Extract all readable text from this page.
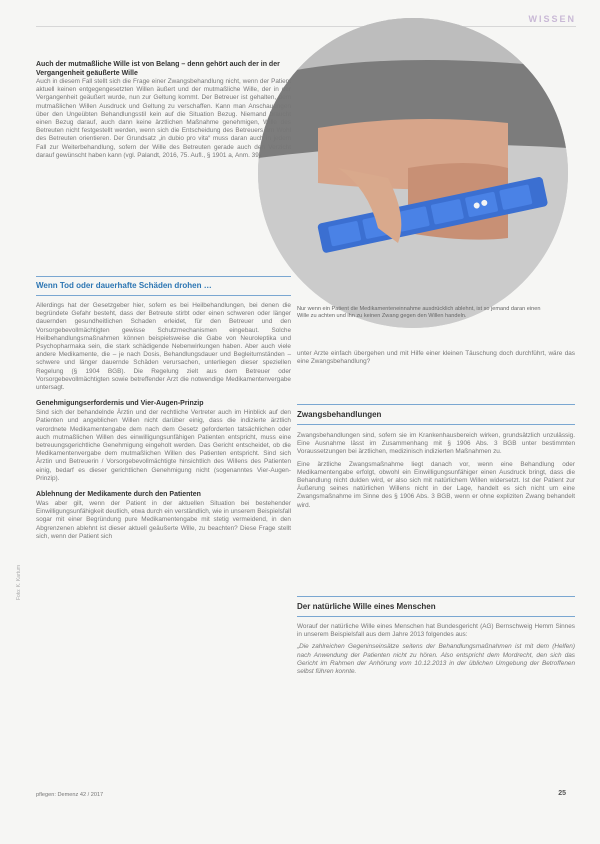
WISSEN

Auch der mutmaßliche Wille ist von Belang – denn gehört auch der in der Vergangenheit geäußerte Wille

Auch in diesem Fall stellt sich die Frage einer Zwangsbehandlung nicht, wenn der Patient aktuell keinen entgegengesetzten Willen äußert und der mutmaßliche Wille, der in der Vergangenheit geäußert wurde, nun zur Geltung kommt. Der Betreuer ist gehalten, dem mutmaßlichen Willen Ausdruck und Geltung zu verschaffen. Kann man Anschauungen über den Ungeübten Behandlungsstil kein auf die Situation Bezug. Niemand braucht einen Bezug darauf, auch dann keine ärztlichen Maßnahme genehmigen, Wille des Betreuten nicht festgestellt werden, wenn sich die Entscheidung des Betreuers am Wohl des Betreuten orientieren. Der Grundsatz „in dubio pro vita“ muss daran auch in jedem Fall zur Weiterbehandlung, sofern der Wille des Betreuten gerade auch den Verzicht darauf gewünscht haben kann (vgl. Palandt, 2016, 75. Aufl., § 1901 a, Anm. 39).

Wenn Tod oder dauerhafte Schäden drohen …

Allerdings hat der Gesetzgeber hier, sofern es bei Heilbehandlungen, bei denen die begründete Gefahr besteht, dass der Betreute stirbt oder einen schweren oder länger dauernden gesundheitlichen Schaden erleidet, für den Betreuer und den Vorsorgebevollmächtigten gewisse Schutzmechanismen eingebaut. Solche Heilbehandlungsmaßnahmen können beispielsweise die Gabe von Neuroleptika und Psychopharmaka sein, die stark schädigende Nebenwirkungen haben. Aber auch viele andere Medikamente, die – je nach Dosis, Behandlungsdauer und Begleitumständen – schwere und länger dauernde Schäden verursachen, unterliegen dieser speziellen Regelung (§ 1904 BGB). Die Regelung zielt aus dem Betreuer oder Vorsorgebevollmächtigten sowie betreffender Arzt die notwendige Medikamentenvergabe untersagt.

Genehmigungserfordernis und Vier-Augen-Prinzip

Sind sich der behandelnde Ärztin und der rechtliche Vertreter auch im Hinblick auf den Patienten und angeblichen Willen nicht darüber einig, dass die indizierte ärztlich verordnete Medikamentengabe dem nach dem Gesetz geforderten tatsächlichen oder auch mutmaßlichen Willen des einwilligungsunfähigen Patienten entspricht, muss eine betreuungsgerichtliche Genehmigung eingeholt werden. Das Gericht entscheidet, ob die Medikamentenvergabe dem mutmaßlichen Willen des Patienten entspricht. Sind sich Ärztin und Betreuerin / Vorsorgebevollmächtigte hinsichtlich des Willens des Patienten einig, bedarf es dieser gerichtlichen Genehmigung nicht (sogenanntes Vier-Augen-Prinzip).

Ablehnung der Medikamente durch den Patienten

Was aber gilt, wenn der Patient in der aktuellen Situation bei bestehender Einwilligungsunfähigkeit deutlich, etwa durch ein verständlich, wie in unserem Beispielsfall sogar mit einer Begründung pure Medikamentengabe mit stetig vermeidend, in den Abgrenzenen ablehnt ist dieser aktuell geäußerte Wille, zu beachten? Diese Frage stellt sich, wenn der Patient sich

Nur wenn ein Patient die Medikamenteneinnahme ausdrücklich ablehnt, ist so jemand daran einen Wille zu achten und ihn zu keinen Zwang gegen den Willen handeln.

unter Arzte einfach übergehen und mit Hilfe einer kleinen Täuschung doch durchführt, wäre das eine Zwangsbehandlung?

Zwangsbehandlungen

Zwangsbehandlungen sind, sofern sie im Krankenhausbereich wirken, grundsätzlich unzulässig. Eine Ausnahme lässt im Zusammenhang mit § 1906 Abs. 3 BGB unter bestimmten Voraussetzungen bei ärztlichen, medizinisch indizierten Maßnahmen zu.

Eine ärztliche Zwangsmaßnahme liegt danach vor, wenn eine Behandlung oder Medikamentengabe erfolgt, obwohl ein Einwilligungsunfähiger einen Ausdruck bringt, dass die Behandlung nicht dulden wird, er also sich mit natürlichem Willen widersetzt. Ist der Patient zur Äußerung seines natürlichen Willens nicht in der Lage, handelt es sich nicht um eine Zwangsmaßnahme im Sinne des § 1906 Abs. 3 BGB, wenn er ohne expliziten Zwang behandelt wird.

Der natürliche Wille eines Menschen

Worauf der natürliche Wille eines Menschen hat Bundesgericht (AG) Bernschweig Hemm Sinnes in unserem Beispielsfall aus dem Jahre 2013 folgendes aus:

„Die zahlreichen Gegeninseinsätze seitens der Behandlungsmaßnahmen ist mit dem (Helfen) nach Anwendung der Patienten nicht zu hören. Also entspricht dem Mordrecht, den sich das Gericht im Rahmen der Anhörung vom 10.12.2013 in der üblichen Umgebung der Betroffenen selbst führen konnte.

Foto: K. Kartum
pflegen: Demenz 42 / 2017	25
